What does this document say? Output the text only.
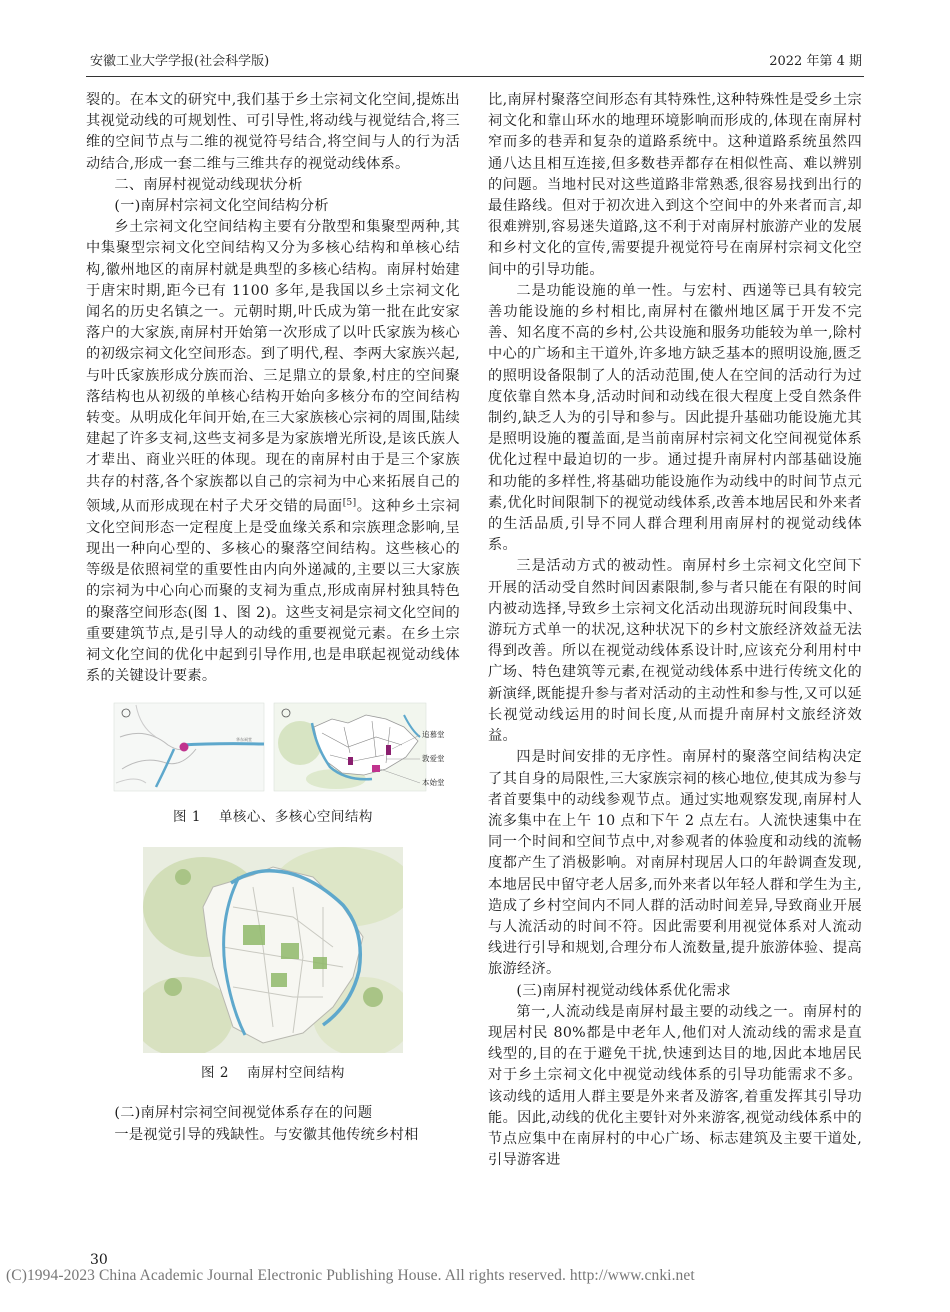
安徽工业大学学报(社会科学版)	2022 年第 4 期

裂的。在本文的研究中,我们基于乡土宗祠文化空间,提炼出其视觉动线的可规划性、可引导性,将动线与视觉结合,将三维的空间节点与二维的视觉符号结合,将空间与人的行为活动结合,形成一套二维与三维共存的视觉动线体系。

二、南屏村视觉动线现状分析
(一)南屏村宗祠文化空间结构分析

乡土宗祠文化空间结构主要有分散型和集聚型两种,其中集聚型宗祠文化空间结构又分为多核心结构和单核心结构,徽州地区的南屏村就是典型的多核心结构。南屏村始建于唐宋时期,距今已有 1100 多年,是我国以乡土宗祠文化闻名的历史名镇之一。元朝时期,叶氏成为第一批在此安家落户的大家族,南屏村开始第一次形成了以叶氏家族为核心的初级宗祠文化空间形态。到了明代,程、李两大家族兴起,与叶氏家族形成分族而治、三足鼎立的景象,村庄的空间聚落结构也从初级的单核心结构开始向多核分布的空间结构转变。从明成化年间开始,在三大家族核心宗祠的周围,陆续建起了许多支祠,这些支祠多是为家族增光所设,是该氏族人才辈出、商业兴旺的体现。现在的南屏村由于是三个家族共存的村落,各个家族都以自己的宗祠为中心来拓展自己的领域,从而形成现在村子犬牙交错的局面[5]。这种乡土宗祠文化空间形态一定程度上是受血缘关系和宗族理念影响,呈现出一种向心型的、多核心的聚落空间结构。这些核心的等级是依照祠堂的重要性由内向外递减的,主要以三大家族的宗祠为中心向心而聚的支祠为重点,形成南屏村独具特色的聚落空间形态(图 1、图 2)。这些支祠是宗祠文化空间的重要建筑节点,是引导人的动线的重要视觉元素。在乡土宗祠文化空间的优化中起到引导作用,也是串联起视觉动线体系的关键设计要素。

华东祠堂
追慕堂
敦爱堂
本始堂
图 1 单核心、多核心空间结构
图 2 南屏村空间结构
(二)南屏村宗祠空间视觉体系存在的问题

一是视觉引导的残缺性。与安徽其他传统乡村相

比,南屏村聚落空间形态有其特殊性,这种特殊性是受乡土宗祠文化和靠山环水的地理环境影响而形成的,体现在南屏村窄而多的巷弄和复杂的道路系统中。这种道路系统虽然四通八达且相互连接,但多数巷弄都存在相似性高、难以辨别的问题。当地村民对这些道路非常熟悉,很容易找到出行的最佳路线。但对于初次进入到这个空间中的外来者而言,却很难辨别,容易迷失道路,这不利于对南屏村旅游产业的发展和乡村文化的宣传,需要提升视觉符号在南屏村宗祠文化空间中的引导功能。

二是功能设施的单一性。与宏村、西递等已具有较完善功能设施的乡村相比,南屏村在徽州地区属于开发不完善、知名度不高的乡村,公共设施和服务功能较为单一,除村中心的广场和主干道外,许多地方缺乏基本的照明设施,匮乏的照明设备限制了人的活动范围,使人在空间的活动行为过度依靠自然本身,活动时间和动线在很大程度上受自然条件制约,缺乏人为的引导和参与。因此提升基础功能设施尤其是照明设施的覆盖面,是当前南屏村宗祠文化空间视觉体系优化过程中最迫切的一步。通过提升南屏村内部基础设施和功能的多样性,将基础功能设施作为动线中的时间节点元素,优化时间限制下的视觉动线体系,改善本地居民和外来者的生活品质,引导不同人群合理利用南屏村的视觉动线体系。

三是活动方式的被动性。南屏村乡土宗祠文化空间下开展的活动受自然时间因素限制,参与者只能在有限的时间内被动选择,导致乡土宗祠文化活动出现游玩时间段集中、游玩方式单一的状况,这种状况下的乡村文旅经济效益无法得到改善。所以在视觉动线体系设计时,应该充分利用村中广场、特色建筑等元素,在视觉动线体系中进行传统文化的新演绎,既能提升参与者对活动的主动性和参与性,又可以延长视觉动线运用的时间长度,从而提升南屏村文旅经济效益。

四是时间安排的无序性。南屏村的聚落空间结构决定了其自身的局限性,三大家族宗祠的核心地位,使其成为参与者首要集中的动线参观节点。通过实地观察发现,南屏村人流多集中在上午 10 点和下午 2 点左右。人流快速集中在同一个时间和空间节点中,对参观者的体验度和动线的流畅度都产生了消极影响。对南屏村现居人口的年龄调查发现,本地居民中留守老人居多,而外来者以年轻人群和学生为主,造成了乡村空间内不同人群的活动时间差异,导致商业开展与人流活动的时间不符。因此需要利用视觉体系对人流动线进行引导和规划,合理分布人流数量,提升旅游体验、提高旅游经济。

(三)南屏村视觉动线体系优化需求

第一,人流动线是南屏村最主要的动线之一。南屏村的现居村民 80%都是中老年人,他们对人流动线的需求是直线型的,目的在于避免干扰,快速到达目的地,因此本地居民对于乡土宗祠文化中视觉动线体系的引导功能需求不多。该动线的适用人群主要是外来者及游客,着重发挥其引导功能。因此,动线的优化主要针对外来游客,视觉动线体系中的节点应集中在南屏村的中心广场、标志建筑及主要干道处,引导游客进

30
(C)1994-2023 China Academic Journal Electronic Publishing House. All rights reserved. http://www.cnki.net
